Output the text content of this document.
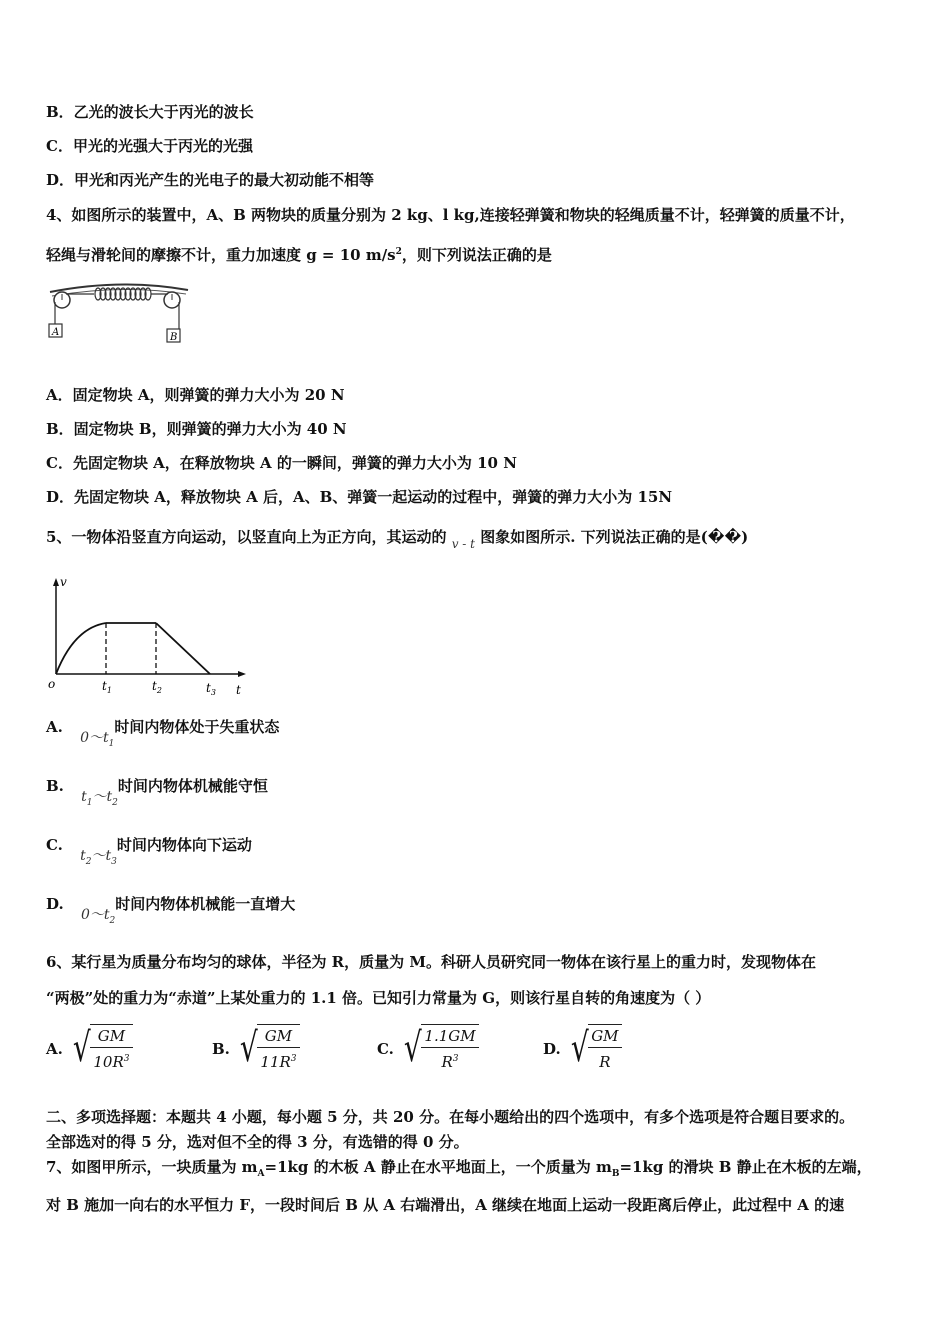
B．乙光的波长大于丙光的波长
C．甲光的光强大于丙光的光强
D．甲光和丙光产生的光电子的最大初动能不相等
4、如图所示的装置中，A、B 两物块的质量分别为 2 kg、l kg,连接轻弹簧和物块的轻绳质量不计，轻弹簧的质量不计，
轻绳与滑轮间的摩擦不计，重力加速度 g = 10 $m/s^2$，则下列说法正确的是
A	B
A．固定物块 A，则弹簧的弹力大小为 20 N
B．固定物块 B，则弹簧的弹力大小为 40 N
C．先固定物块 A，在释放物块 A 的一瞬间，弹簧的弹力大小为 10 N
D．先固定物块 A，释放物块 A 后，A、B、弹簧一起运动的过程中，弹簧的弹力大小为 15N
5、一物体沿竖直方向运动，以竖直向上为正方向，其运动的 $_{v - t}$ 图象如图所示. 下列说法正确的是(��)
v
t
o	$t_1$	$t_2$	$t_3$
A. $0\sim t_1$时间内物体处于失重状态
B. $t_1\sim t_2$时间内物体机械能守恒
C. $t_2\sim t_3$时间内物体向下运动
D. $0\sim t_2$时间内物体机械能一直增大
6、某行星为质量分布均匀的球体，半径为 R，质量为 M。科研人员研究同一物体在该行星上的重力时，发现物体在
“两极”处的重力为“赤道”上某处重力的 1.1 倍。已知引力常量为 G，则该行星自转的角速度为（ ）
A. √ $\frac{GM}{10R^3}$	B. √ $\frac{GM}{11R^3}$	C. √ $\frac{1.1GM}{R^3}$	D. √ $\frac{GM}{R}$
二、多项选择题：本题共 4 小题，每小题 5 分，共 20 分。在每小题给出的四个选项中，有多个选项是符合题目要求的。
全部选对的得 5 分，选对但不全的得 3 分，有选错的得 0 分。
7、如图甲所示，一块质量为 $m_A=1kg$ 的木板 A 静止在水平地面上，一个质量为 $m_B=1kg$ 的滑块 B 静止在木板的左端，
对 B 施加一向右的水平恒力 F，一段时间后 B 从 A 右端滑出，A 继续在地面上运动一段距离后停止，此过程中 A 的速
